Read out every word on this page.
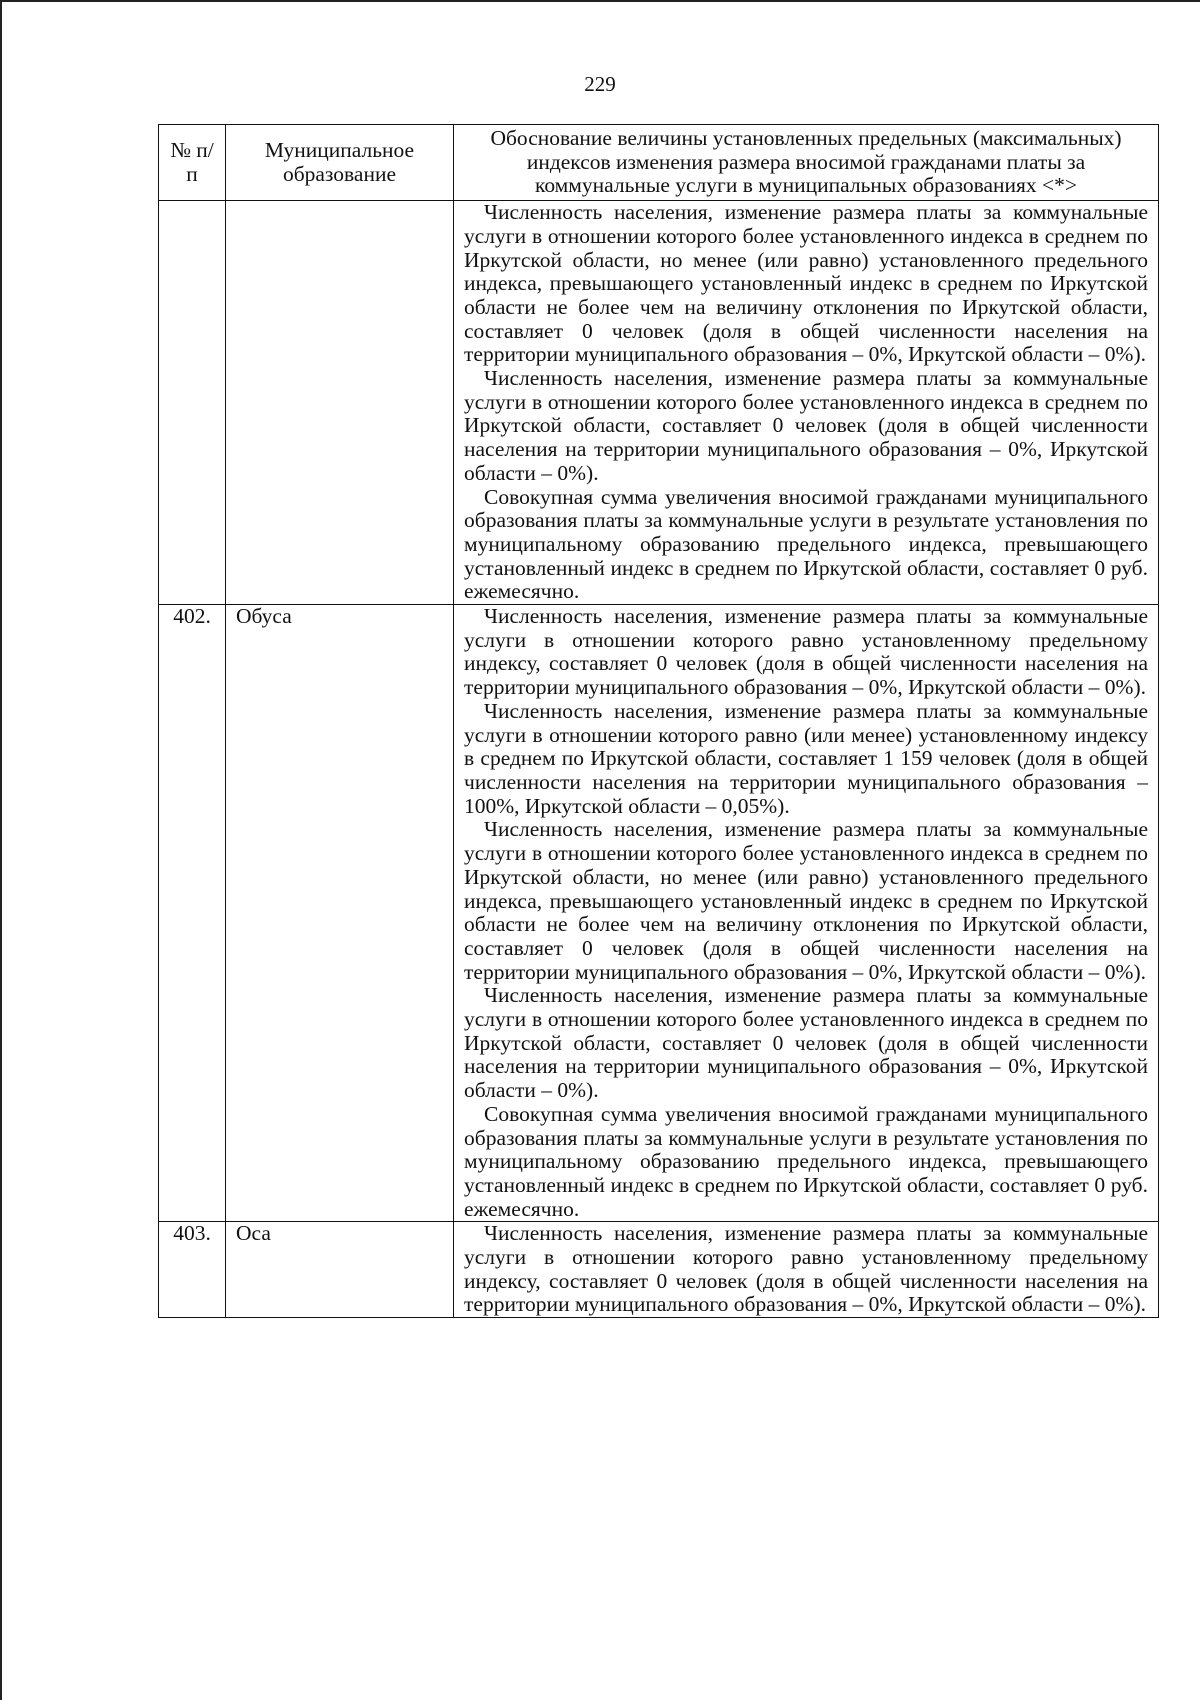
229
№ п/п	Муниципальное образование	Обоснование величины установленных предельных (максимальных) индексов изменения размера вносимой гражданами платы за коммунальные услуги в муниципальных образованиях <*>

		Численность населения, изменение размера платы за коммунальные услуги в отношении которого более установленного индекса в среднем по Иркутской области, но менее (или равно) установленного предельного индекса, превышающего установленный индекс в среднем по Иркутской области не более чем на величину отклонения по Иркутской области, составляет 0 человек (доля в общей численности населения на территории муниципального образования – 0%, Иркутской области – 0%).

Численность населения, изменение размера платы за коммунальные услуги в отношении которого более установленного индекса в среднем по Иркутской области, составляет 0 человек (доля в общей численности населения на территории муниципального образования – 0%, Иркутской области – 0%).

Совокупная сумма увеличения вносимой гражданами муниципального образования платы за коммунальные услуги в результате установления по муниципальному образованию предельного индекса, превышающего установленный индекс в среднем по Иркутской области, составляет 0 руб. ежемесячно.

402.	Обуса	Численность населения, изменение размера платы за коммунальные услуги в отношении которого равно установленному предельному индексу, составляет 0 человек (доля в общей численности населения на территории муниципального образования – 0%, Иркутской области – 0%).

Численность населения, изменение размера платы за коммунальные услуги в отношении которого равно (или менее) установленному индексу в среднем по Иркутской области, составляет 1 159 человек (доля в общей численности населения на территории муниципального образования – 100%, Иркутской области – 0,05%).

Численность населения, изменение размера платы за коммунальные услуги в отношении которого более установленного индекса в среднем по Иркутской области, но менее (или равно) установленного предельного индекса, превышающего установленный индекс в среднем по Иркутской области не более чем на величину отклонения по Иркутской области, составляет 0 человек (доля в общей численности населения на территории муниципального образования – 0%, Иркутской области – 0%).

Численность населения, изменение размера платы за коммунальные услуги в отношении которого более установленного индекса в среднем по Иркутской области, составляет 0 человек (доля в общей численности населения на территории муниципального образования – 0%, Иркутской области – 0%).

Совокупная сумма увеличения вносимой гражданами муниципального образования платы за коммунальные услуги в результате установления по муниципальному образованию предельного индекса, превышающего установленный индекс в среднем по Иркутской области, составляет 0 руб. ежемесячно.

403.	Оса	Численность населения, изменение размера платы за коммунальные услуги в отношении которого равно установленному предельному индексу, составляет 0 человек (доля в общей численности населения на территории муниципального образования – 0%, Иркутской области – 0%).
